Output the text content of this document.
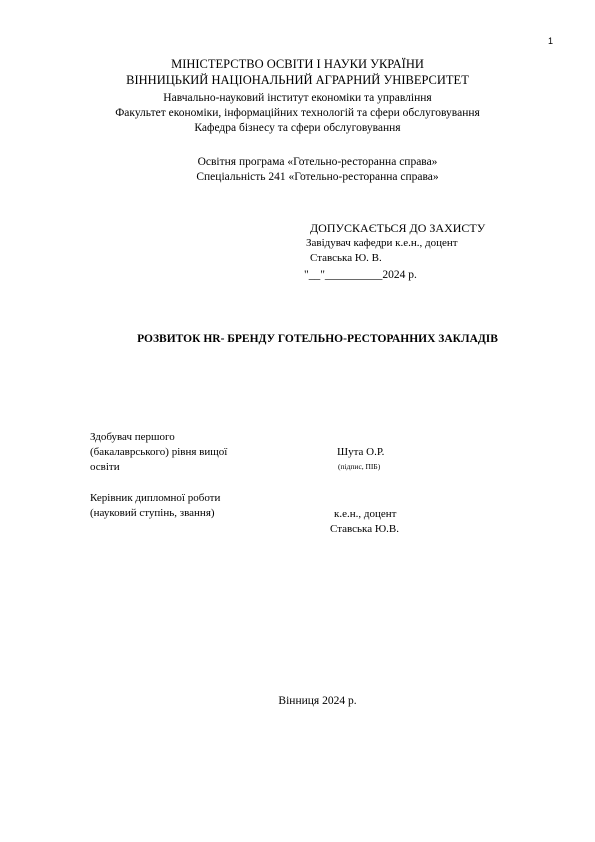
1
МІНІСТЕРСТВО ОСВІТИ І НАУКИ УКРАЇНИ
ВІННИЦЬКИЙ НАЦІОНАЛЬНИЙ АГРАРНИЙ УНІВЕРСИТЕТ
Навчально-науковий інститут економіки та управління
Факультет економіки, інформаційних технологій та сфери обслуговування
Кафедра бізнесу та сфери обслуговування
Освітня програма «Готельно-ресторанна справа»
Спеціальність 241 «Готельно-ресторанна справа»
ДОПУСКАЄТЬСЯ ДО ЗАХИСТУ
Завідувач кафедри к.е.н., доцент
Ставська Ю. В.
"__"__________2024 р.
РОЗВИТОК HR- БРЕНДУ ГОТЕЛЬНО-РЕСТОРАННИХ ЗАКЛАДІВ
Здобувач першого
(бакалаврського) рівня вищої
освіти
Шута О.Р.
(підпис, ПІБ)
Керівник дипломної роботи
(науковий ступінь, звання)	к.е.н., доцент
Ставська Ю.В.
Вінниця 2024 р.
